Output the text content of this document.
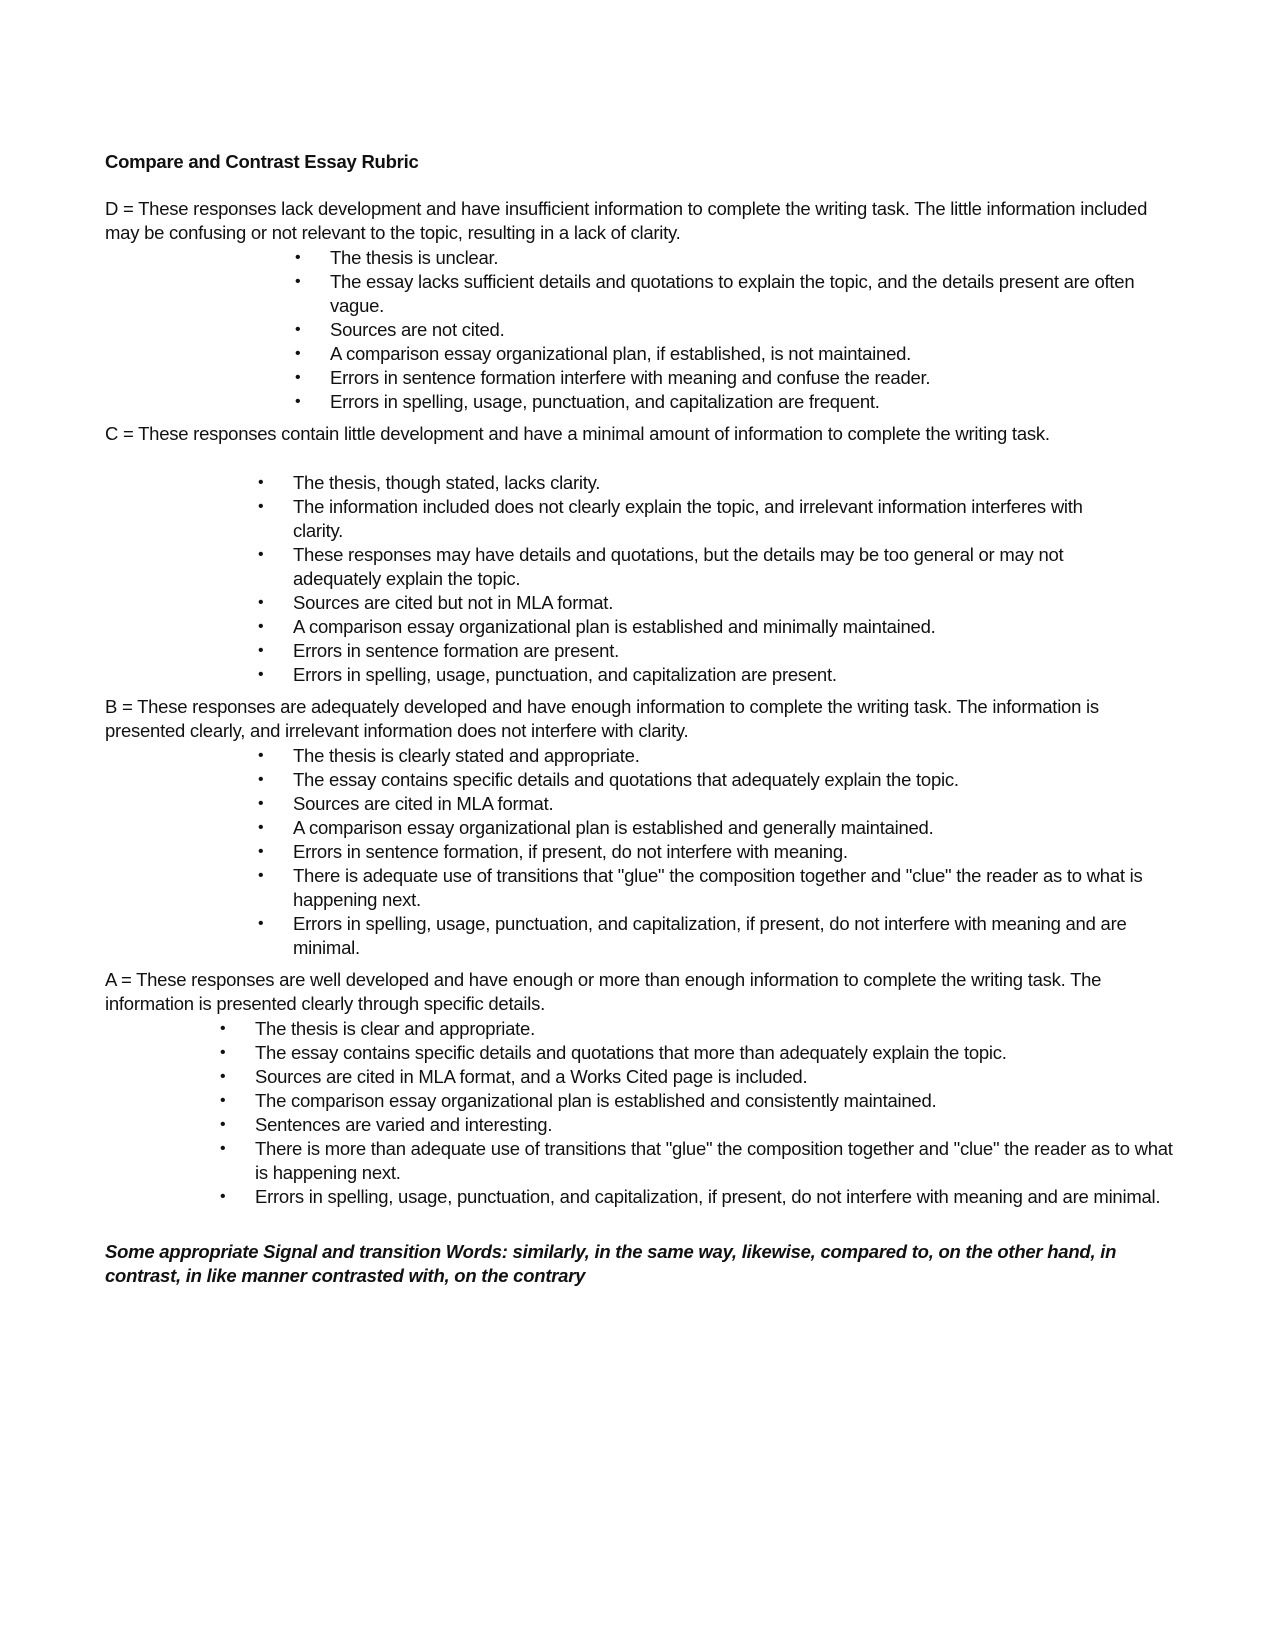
Compare and Contrast Essay Rubric

D = These responses lack development and have insufficient information to complete the writing task. The little information included may be confusing or not relevant to the topic, resulting in a lack of clarity.

• The thesis is unclear.
• The essay lacks sufficient details and quotations to explain the topic, and the details present are often vague.
• Sources are not cited.
• A comparison essay organizational plan, if established, is not maintained.
• Errors in sentence formation interfere with meaning and confuse the reader.
• Errors in spelling, usage, punctuation, and capitalization are frequent.

C = These responses contain little development and have a minimal amount of information to complete the writing task.

• The thesis, though stated, lacks clarity.
• The information included does not clearly explain the topic, and irrelevant information interferes with clarity.
• These responses may have details and quotations, but the details may be too general or may not adequately explain the topic.
• Sources are cited but not in MLA format.
• A comparison essay organizational plan is established and minimally maintained.
• Errors in sentence formation are present.
• Errors in spelling, usage, punctuation, and capitalization are present.

B = These responses are adequately developed and have enough information to complete the writing task. The information is presented clearly, and irrelevant information does not interfere with clarity.

• The thesis is clearly stated and appropriate.
• The essay contains specific details and quotations that adequately explain the topic.
• Sources are cited in MLA format.
• A comparison essay organizational plan is established and generally maintained.
• Errors in sentence formation, if present, do not interfere with meaning.
• There is adequate use of transitions that "glue" the composition together and "clue" the reader as to what is happening next.
• Errors in spelling, usage, punctuation, and capitalization, if present, do not interfere with meaning and are minimal.

A = These responses are well developed and have enough or more than enough information to complete the writing task. The information is presented clearly through specific details.

• The thesis is clear and appropriate.
• The essay contains specific details and quotations that more than adequately explain the topic.
• Sources are cited in MLA format, and a Works Cited page is included.
• The comparison essay organizational plan is established and consistently maintained.
• Sentences are varied and interesting.
• There is more than adequate use of transitions that "glue" the composition together and "clue" the reader as to what is happening next.
• Errors in spelling, usage, punctuation, and capitalization, if present, do not interfere with meaning and are minimal.

Some appropriate Signal and transition Words: similarly, in the same way, likewise, compared to, on the other hand, in contrast, in like manner contrasted with, on the contrary
